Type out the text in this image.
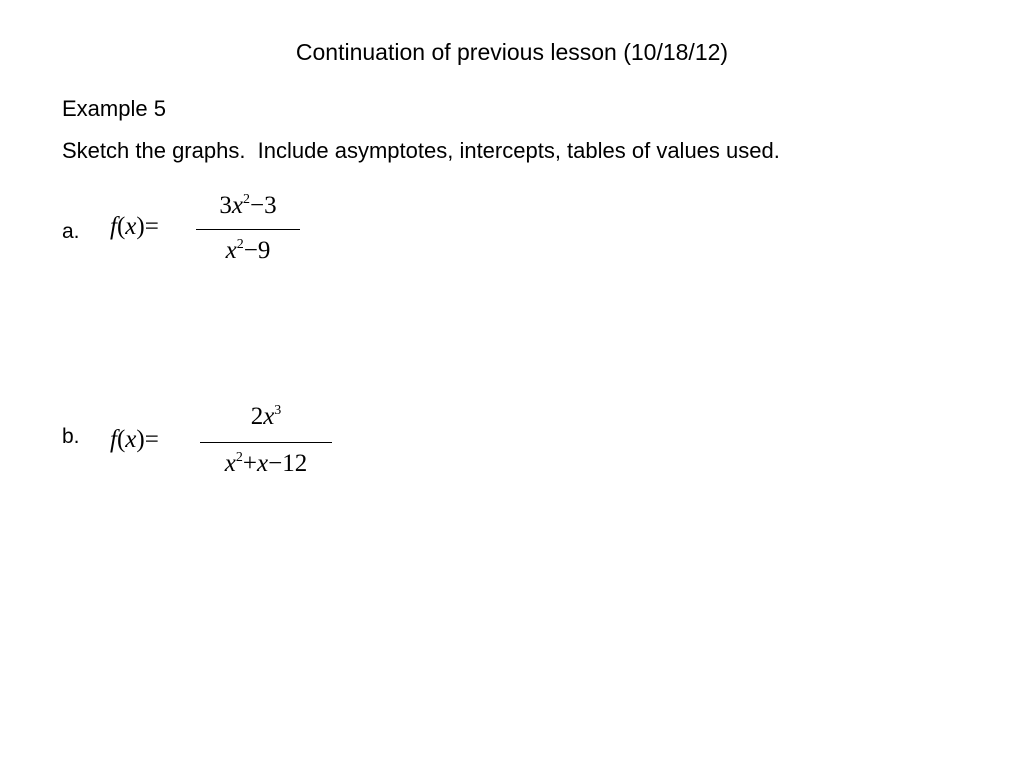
Continuation of previous lesson (10/18/12)
Example 5
Sketch the graphs.  Include asymptotes, intercepts, tables of values used.
a. f(x)=
$3x^2-3$
$x^2-9$
b. f(x)=
$2x^3$
$x^2+x-12$
